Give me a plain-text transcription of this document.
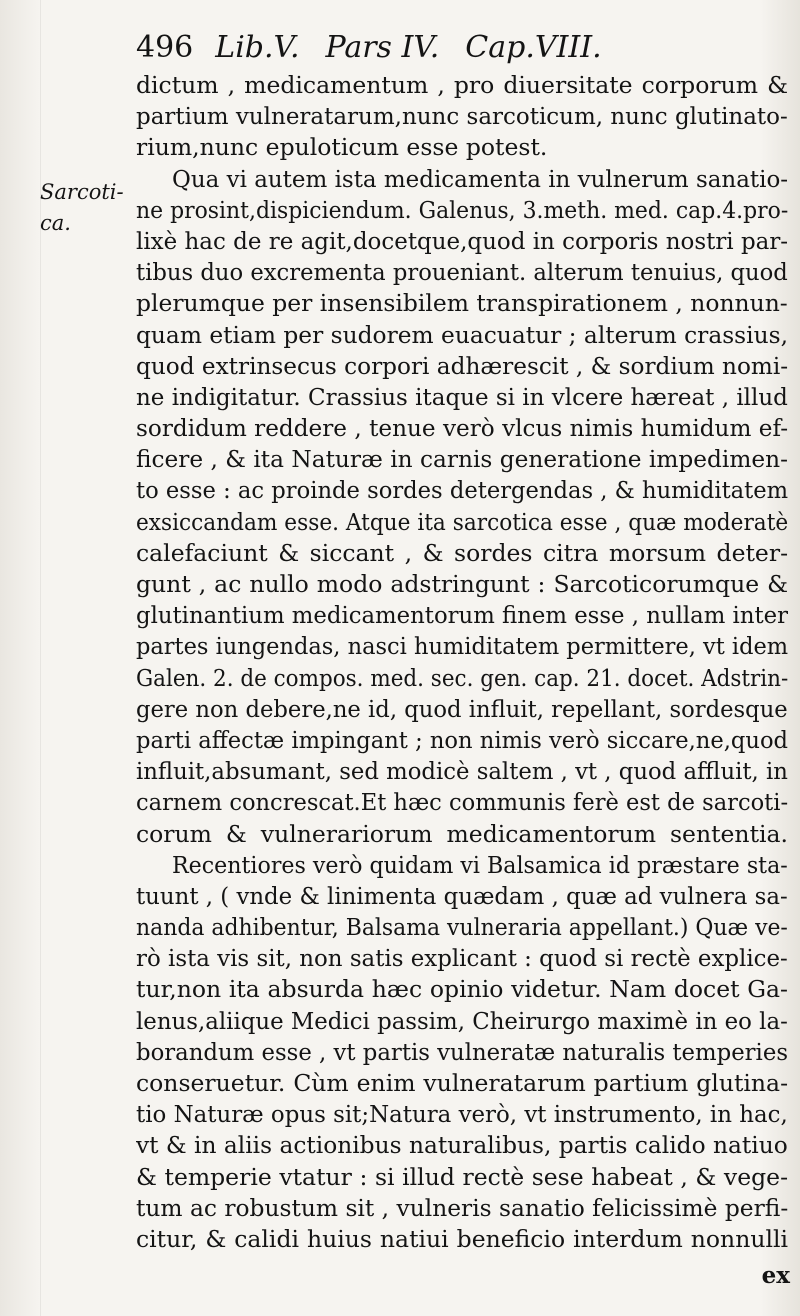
496 Lib.V. Pars IV. Cap.VIII.
Sarcoti-
ca.
dictum , medicamentum , pro diuersitate corporum &
partium vulneratarum,nunc sarcoticum, nunc glutinato-
rium,nunc epuloticum esse potest.
Qua vi autem ista medicamenta in vulnerum sanatio-
ne prosint,dispiciendum. Galenus, 3.meth. med. cap.4.pro-
lixè hac de re agit,docetque,quod in corporis nostri par-
tibus duo excrementa proueniant. alterum tenuius, quod
plerumque per insensibilem transpirationem , nonnun-
quam etiam per sudorem euacuatur ; alterum crassius,
quod extrinsecus corpori adhærescit , & sordium nomi-
ne indigitatur. Crassius itaque si in vlcere hæreat , illud
sordidum reddere , tenue verò vlcus nimis humidum ef-
ficere , & ita Naturæ in carnis generatione impedimen-
to esse : ac proinde sordes detergendas , & humiditatem
exsiccandam esse. Atque ita sarcotica esse , quæ moderatè
calefaciunt & siccant , & sordes citra morsum deter-
gunt , ac nullo modo adstringunt : Sarcoticorumque &
glutinantium medicamentorum finem esse , nullam inter
partes iungendas, nasci humiditatem permittere, vt idem
Galen. 2. de compos. med. sec. gen. cap. 21. docet. Adstrin-
gere non debere,ne id, quod influit, repellant, sordesque
parti affectæ impingant ; non nimis verò siccare,ne,quod
influit,absumant, sed modicè saltem , vt , quod affluit, in
carnem concrescat.Et hæc communis ferè est de sarcoti-
corum & vulnerariorum medicamentorum sententia.
Recentiores verò quidam vi Balsamica id præstare sta-
tuunt , ( vnde & linimenta quædam , quæ ad vulnera sa-
nanda adhibentur, Balsama vulneraria appellant.) Quæ ve-
rò ista vis sit, non satis explicant : quod si rectè explice-
tur,non ita absurda hæc opinio videtur. Nam docet Ga-
lenus,aliique Medici passim, Cheirurgo maximè in eo la-
borandum esse , vt partis vulneratæ naturalis temperies
conseruetur. Cùm enim vulneratarum partium glutina-
tio Naturæ opus sit;Natura verò, vt instrumento, in hac,
vt & in aliis actionibus naturalibus, partis calido natiuo
& temperie vtatur : si illud rectè sese habeat , & vege-
tum ac robustum sit , vulneris sanatio felicissimè perfi-
citur, & calidi huius natiui beneficio interdum nonnulli
ex
